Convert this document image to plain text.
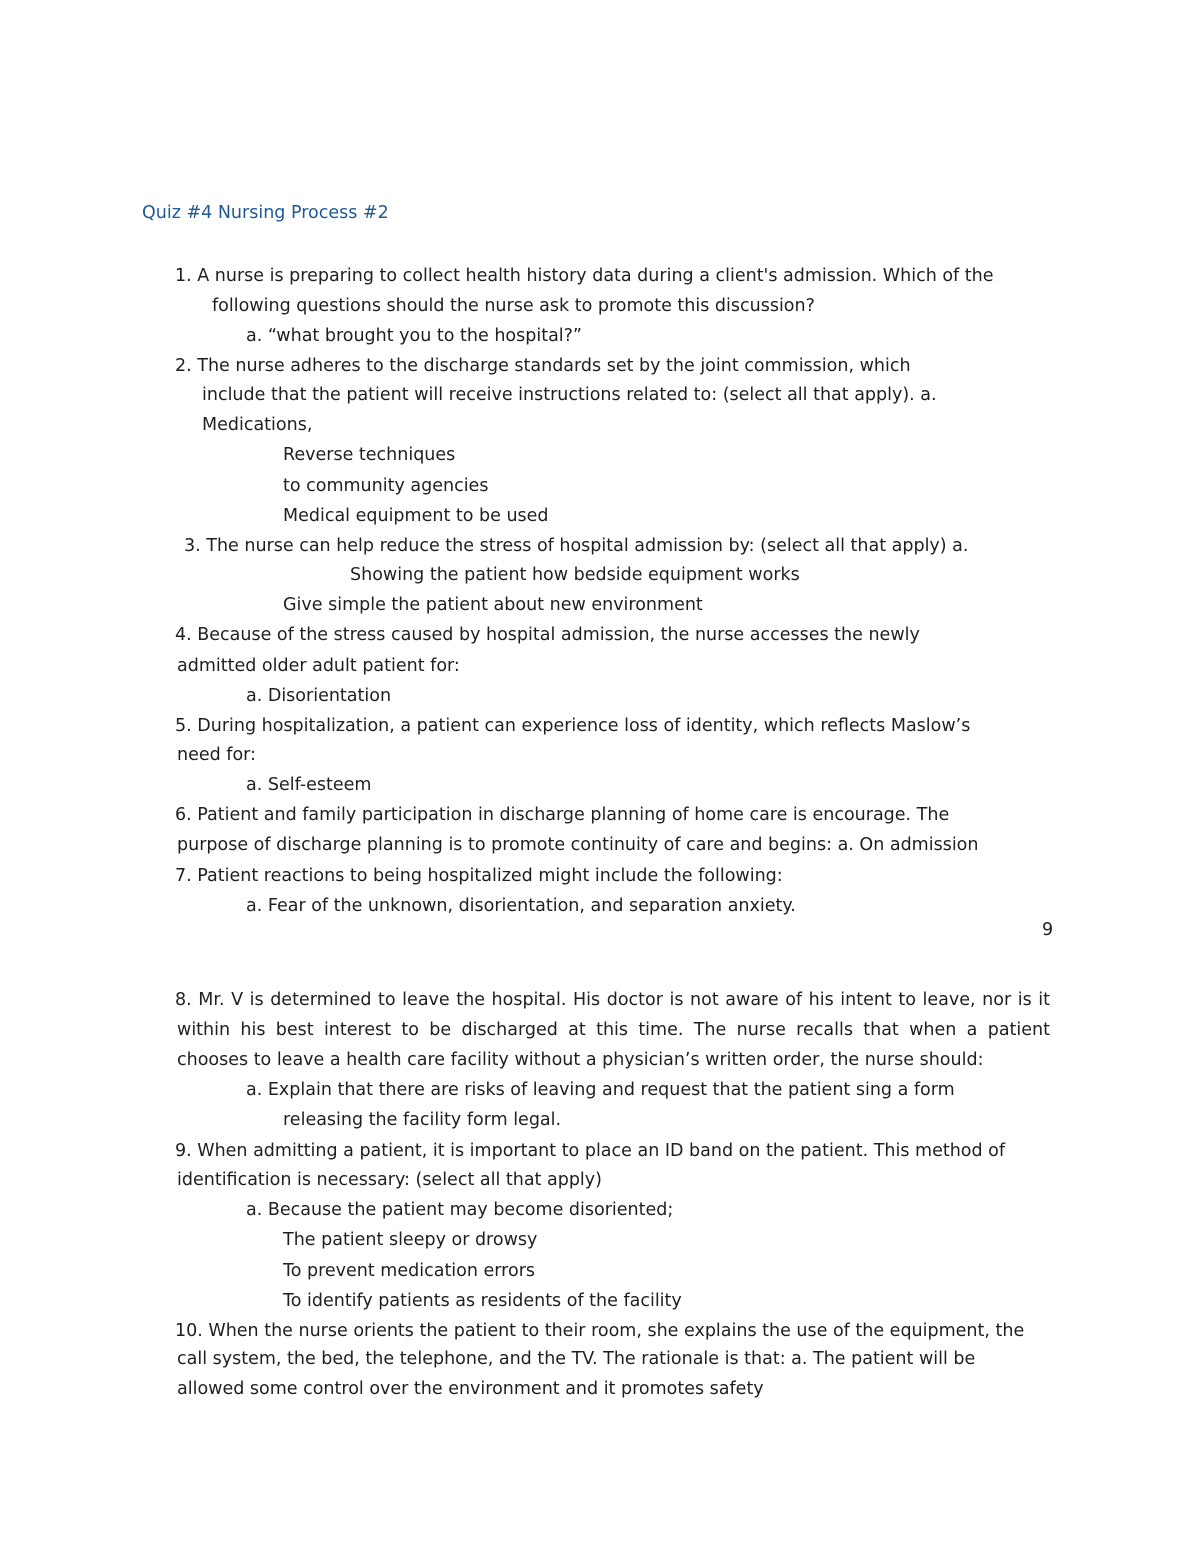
Quiz #4 Nursing Process #2
1. A nurse is preparing to collect health history data during a client's admission. Which of the
following questions should the nurse ask to promote this discussion?
a. “what brought you to the hospital?”
2. The nurse adheres to the discharge standards set by the joint commission, which
include that the patient will receive instructions related to: (select all that apply). a.
Medications,
Reverse techniques
to community agencies
Medical equipment to be used
3. The nurse can help reduce the stress of hospital admission by: (select all that apply) a.
Showing the patient how bedside equipment works
Give simple the patient about new environment
4. Because of the stress caused by hospital admission, the nurse accesses the newly
admitted older adult patient for:
a. Disorientation
5. During hospitalization, a patient can experience loss of identity, which reflects Maslow’s
need for:
a. Self-esteem
6. Patient and family participation in discharge planning of home care is encourage. The
purpose of discharge planning is to promote continuity of care and begins: a. On admission
7. Patient reactions to being hospitalized might include the following:
a. Fear of the unknown, disorientation, and separation anxiety.
9
8. Mr. V is determined to leave the hospital. His doctor is not aware of his intent to leave, nor is it
within his best interest to be discharged at this time. The nurse recalls that when a patient
chooses to leave a health care facility without a physician’s written order, the nurse should:
a. Explain that there are risks of leaving and request that the patient sing a form
releasing the facility form legal.
9. When admitting a patient, it is important to place an ID band on the patient. This method of
identification is necessary: (select all that apply)
a. Because the patient may become disoriented;
The patient sleepy or drowsy
To prevent medication errors
To identify patients as residents of the facility
10. When the nurse orients the patient to their room, she explains the use of the equipment, the
call system, the bed, the telephone, and the TV. The rationale is that: a. The patient will be
allowed some control over the environment and it promotes safety
